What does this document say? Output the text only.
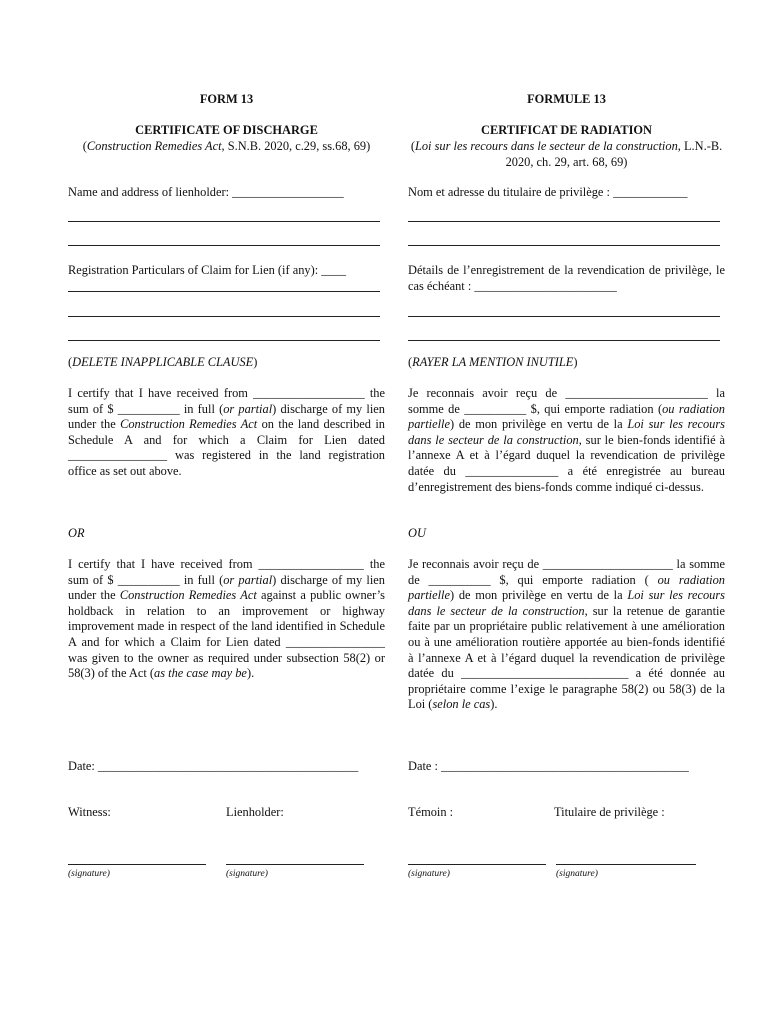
FORM 13
CERTIFICATE OF DISCHARGE
(Construction Remedies Act, S.N.B. 2020, c.29, ss.68, 69)
Name and address of lienholder: __________________
Registration Particulars of Claim for Lien (if any): ____
(DELETE INAPPLICABLE CLAUSE)
I certify that I have received from __________________ the sum of $ __________ in full (or partial) discharge of my lien under the Construction Remedies Act on the land described in Schedule A and for which a Claim for Lien dated ________________ was registered in the land registration office as set out above.
OR
I certify that I have received from _________________ the sum of $ __________ in full (or partial) discharge of my lien under the Construction Remedies Act against a public owner’s holdback in relation to an improvement or highway improvement made in respect of the land identified in Schedule A and for which a Claim for Lien dated ________________ was given to the owner as required under subsection 58(2) or 58(3) of the Act (as the case may be).
Date: __________________________________________
Witness:	Lienholder:
(signature)	(signature)
FORMULE 13
CERTIFICAT DE RADIATION
(Loi sur les recours dans le secteur de la construction, L.N.-B. 2020, ch. 29, art. 68, 69)
Nom et adresse du titulaire de privilège : ____________
Détails de l’enregistrement de la revendication de privilège, le cas échéant : _______________________
(RAYER LA MENTION INUTILE)
Je reconnais avoir reçu de _______________________ la somme de __________ $, qui emporte radiation (ou radiation partielle) de mon privilège en vertu de la Loi sur les recours dans le secteur de la construction, sur le bien-fonds identifié à l’annexe A et à l’égard duquel la revendication de privilège datée du _______________ a été enregistrée au bureau d’enregistrement des biens-fonds comme indiqué ci-dessus.
OU
Je reconnais avoir reçu de _____________________ la somme de __________ $, qui emporte radiation ( ou radiation partielle) de mon privilège en vertu de la Loi sur les recours dans le secteur de la construction, sur la retenue de garantie faite par un propriétaire public relativement à une amélioration ou à une amélioration routière apportée au bien-fonds identifié à l’annexe A et à l’égard duquel la revendication de privilège datée du ___________________________ a été donnée au propriétaire comme l’exige le paragraphe 58(2) ou 58(3) de la Loi (selon le cas).
Date : ________________________________________
Témoin :	Titulaire de privilège :
(signature)	(signature)
